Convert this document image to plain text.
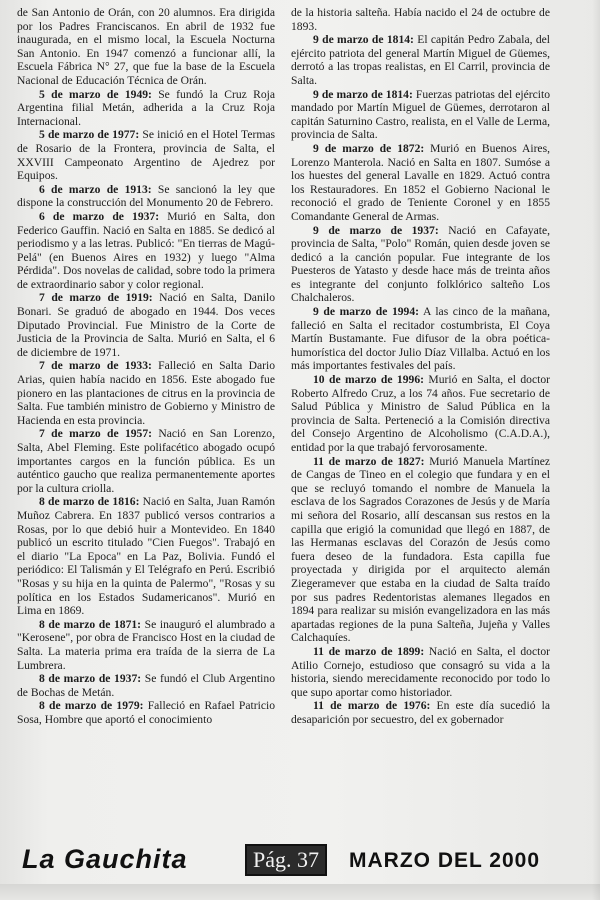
de San Antonio de Orán, con 20 alumnos. Era dirigida por los Padres Franciscanos. En abril de 1932 fue inaugurada, en el mismo local, la Escuela Nocturna San Antonio. En 1947 comenzó a funcionar allí, la Escuela Fábrica N° 27, que fue la base de la Escuela Nacional de Educación Técnica de Orán.

5 de marzo de 1949: Se fundó la Cruz Roja Argentina filial Metán, adherida a la Cruz Roja Internacional.

5 de marzo de 1977: Se inició en el Hotel Termas de Rosario de la Frontera, provincia de Salta, el XXVIII Campeonato Argentino de Ajedrez por Equipos.

6 de marzo de 1913: Se sancionó la ley que dispone la construcción del Monumento 20 de Febrero.

6 de marzo de 1937: Murió en Salta, don Federico Gauffin. Nació en Salta en 1885. Se dedicó al periodismo y a las letras. Publicó: "En tierras de Magú-Pelá" (en Buenos Aires en 1932) y luego "Alma Pérdida". Dos novelas de calidad, sobre todo la primera de extraordinario sabor y color regional.

7 de marzo de 1919: Nació en Salta, Danilo Bonari. Se graduó de abogado en 1944. Dos veces Diputado Provincial. Fue Ministro de la Corte de Justicia de la Provincia de Salta. Murió en Salta, el 6 de diciembre de 1971.

7 de marzo de 1933: Falleció en Salta Dario Arias, quien había nacido en 1856. Este abogado fue pionero en las plantaciones de citrus en la provincia de Salta. Fue también ministro de Gobierno y Ministro de Hacienda en esta provincia.

7 de marzo de 1957: Nació en San Lorenzo, Salta, Abel Fleming. Este polifacético abogado ocupó importantes cargos en la función pública. Es un auténtico gaucho que realiza permanentemente aportes por la cultura criolla.

8 de marzo de 1816: Nació en Salta, Juan Ramón Muñoz Cabrera. En 1837 publicó versos contrarios a Rosas, por lo que debió huir a Montevideo. En 1840 publicó un escrito titulado "Cien Fuegos". Trabajó en el diario "La Epoca" en La Paz, Bolivia. Fundó el periódico: El Talismán y El Telégrafo en Perú. Escribió "Rosas y su hija en la quinta de Palermo", "Rosas y su política en los Estados Sudamericanos". Murió en Lima en 1869.

8 de marzo de 1871: Se inauguró el alumbrado a "Kerosene", por obra de Francisco Host en la ciudad de Salta. La materia prima era traída de la sierra de La Lumbrera.

8 de marzo de 1937: Se fundó el Club Argentino de Bochas de Metán.

8 de marzo de 1979: Falleció en Rafael Patricio Sosa, Hombre que aportó el conocimiento

de la historia salteña. Había nacido el 24 de octubre de 1893.

9 de marzo de 1814: El capitán Pedro Zabala, del ejército patriota del general Martín Miguel de Güemes, derrotó a las tropas realistas, en El Carril, provincia de Salta.

9 de marzo de 1814: Fuerzas patriotas del ejército mandado por Martín Miguel de Güemes, derrotaron al capitán Saturnino Castro, realista, en el Valle de Lerma, provincia de Salta.

9 de marzo de 1872: Murió en Buenos Aires, Lorenzo Manterola. Nació en Salta en 1807. Sumóse a los huestes del general Lavalle en 1829. Actuó contra los Restauradores. En 1852 el Gobierno Nacional le reconoció el grado de Teniente Coronel y en 1855 Comandante General de Armas.

9 de marzo de 1937: Nació en Cafayate, provincia de Salta, "Polo" Román, quien desde joven se dedicó a la canción popular. Fue integrante de los Puesteros de Yatasto y desde hace más de treinta años es integrante del conjunto folklórico salteño Los Chalchaleros.

9 de marzo de 1994: A las cinco de la mañana, falleció en Salta el recitador costumbrista, El Coya Martín Bustamante. Fue difusor de la obra poética-humorística del doctor Julio Díaz Villalba. Actuó en los más importantes festivales del país.

10 de marzo de 1996: Murió en Salta, el doctor Roberto Alfredo Cruz, a los 74 años. Fue secretario de Salud Pública y Ministro de Salud Pública en la provincia de Salta. Perteneció a la Comisión directiva del Consejo Argentino de Alcoholismo (C.A.D.A.), entidad por la que trabajó fervorosamente.

11 de marzo de 1827: Murió Manuela Martínez de Cangas de Tineo en el colegio que fundara y en el que se recluyó tomando el nombre de Manuela la esclava de los Sagrados Corazones de Jesús y de María mi señora del Rosario, allí descansan sus restos en la capilla que erigió la comunidad que llegó en 1887, de las Hermanas esclavas del Corazón de Jesús como fuera deseo de la fundadora. Esta capilla fue proyectada y dirigida por el arquitecto alemán Ziegeramever que estaba en la ciudad de Salta traído por sus padres Redentoristas alemanes llegados en 1894 para realizar su misión evangelizadora en las más apartadas regiones de la puna Salteña, Jujeña y Valles Calchaquíes.

11 de marzo de 1899: Nació en Salta, el doctor Atilio Cornejo, estudioso que consagró su vida a la historia, siendo merecidamente reconocido por todo lo que supo aportar como historiador.

11 de marzo de 1976: En este día sucedió la desaparición por secuestro, del ex gobernador

La Gauchita	Pág. 37	MARZO DEL 2000
